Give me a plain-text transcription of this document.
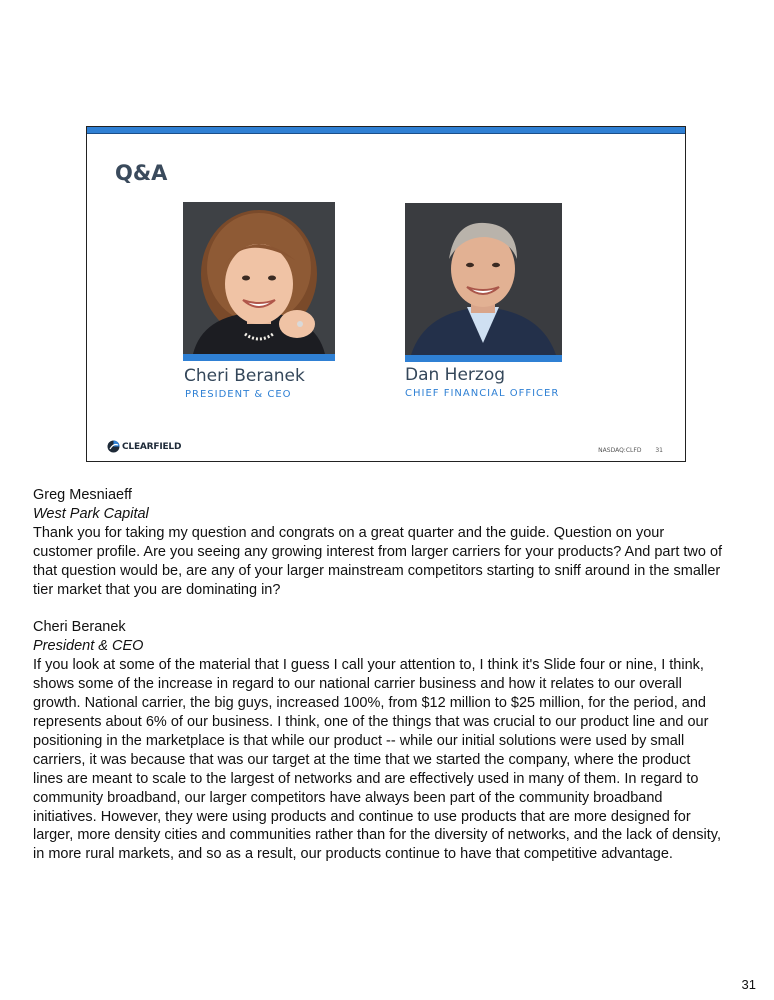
Q&A
Cheri Beranek
PRESIDENT & CEO
Dan Herzog
CHIEF FINANCIAL OFFICER
CLEARFIELD	NASDAQ:CLFD 31

Greg Mesniaeff

West Park Capital

Thank you for taking my question and congrats on a great quarter and the guide. Question on your customer profile. Are you seeing any growing interest from larger carriers for your products? And part two of that question would be, are any of your larger mainstream competitors starting to sniff around in the smaller tier market that you are dominating in?

Cheri Beranek

President & CEO

If you look at some of the material that I guess I call your attention to, I think it's Slide four or nine, I think, shows some of the increase in regard to our national carrier business and how it relates to our overall growth. National carrier, the big guys, increased 100%, from $12 million to $25 million, for the period, and represents about 6% of our business. I think, one of the things that was crucial to our product line and our positioning in the marketplace is that while our product -- while our initial solutions were used by small carriers, it was because that was our target at the time that we started the company, where the product lines are meant to scale to the largest of networks and are effectively used in many of them. In regard to community broadband, our larger competitors have always been part of the community broadband initiatives. However, they were using products and continue to use products that are more designed for larger, more density cities and communities rather than for the diversity of networks, and the lack of density, in more rural markets, and so as a result, our products continue to have that competitive advantage.

31
